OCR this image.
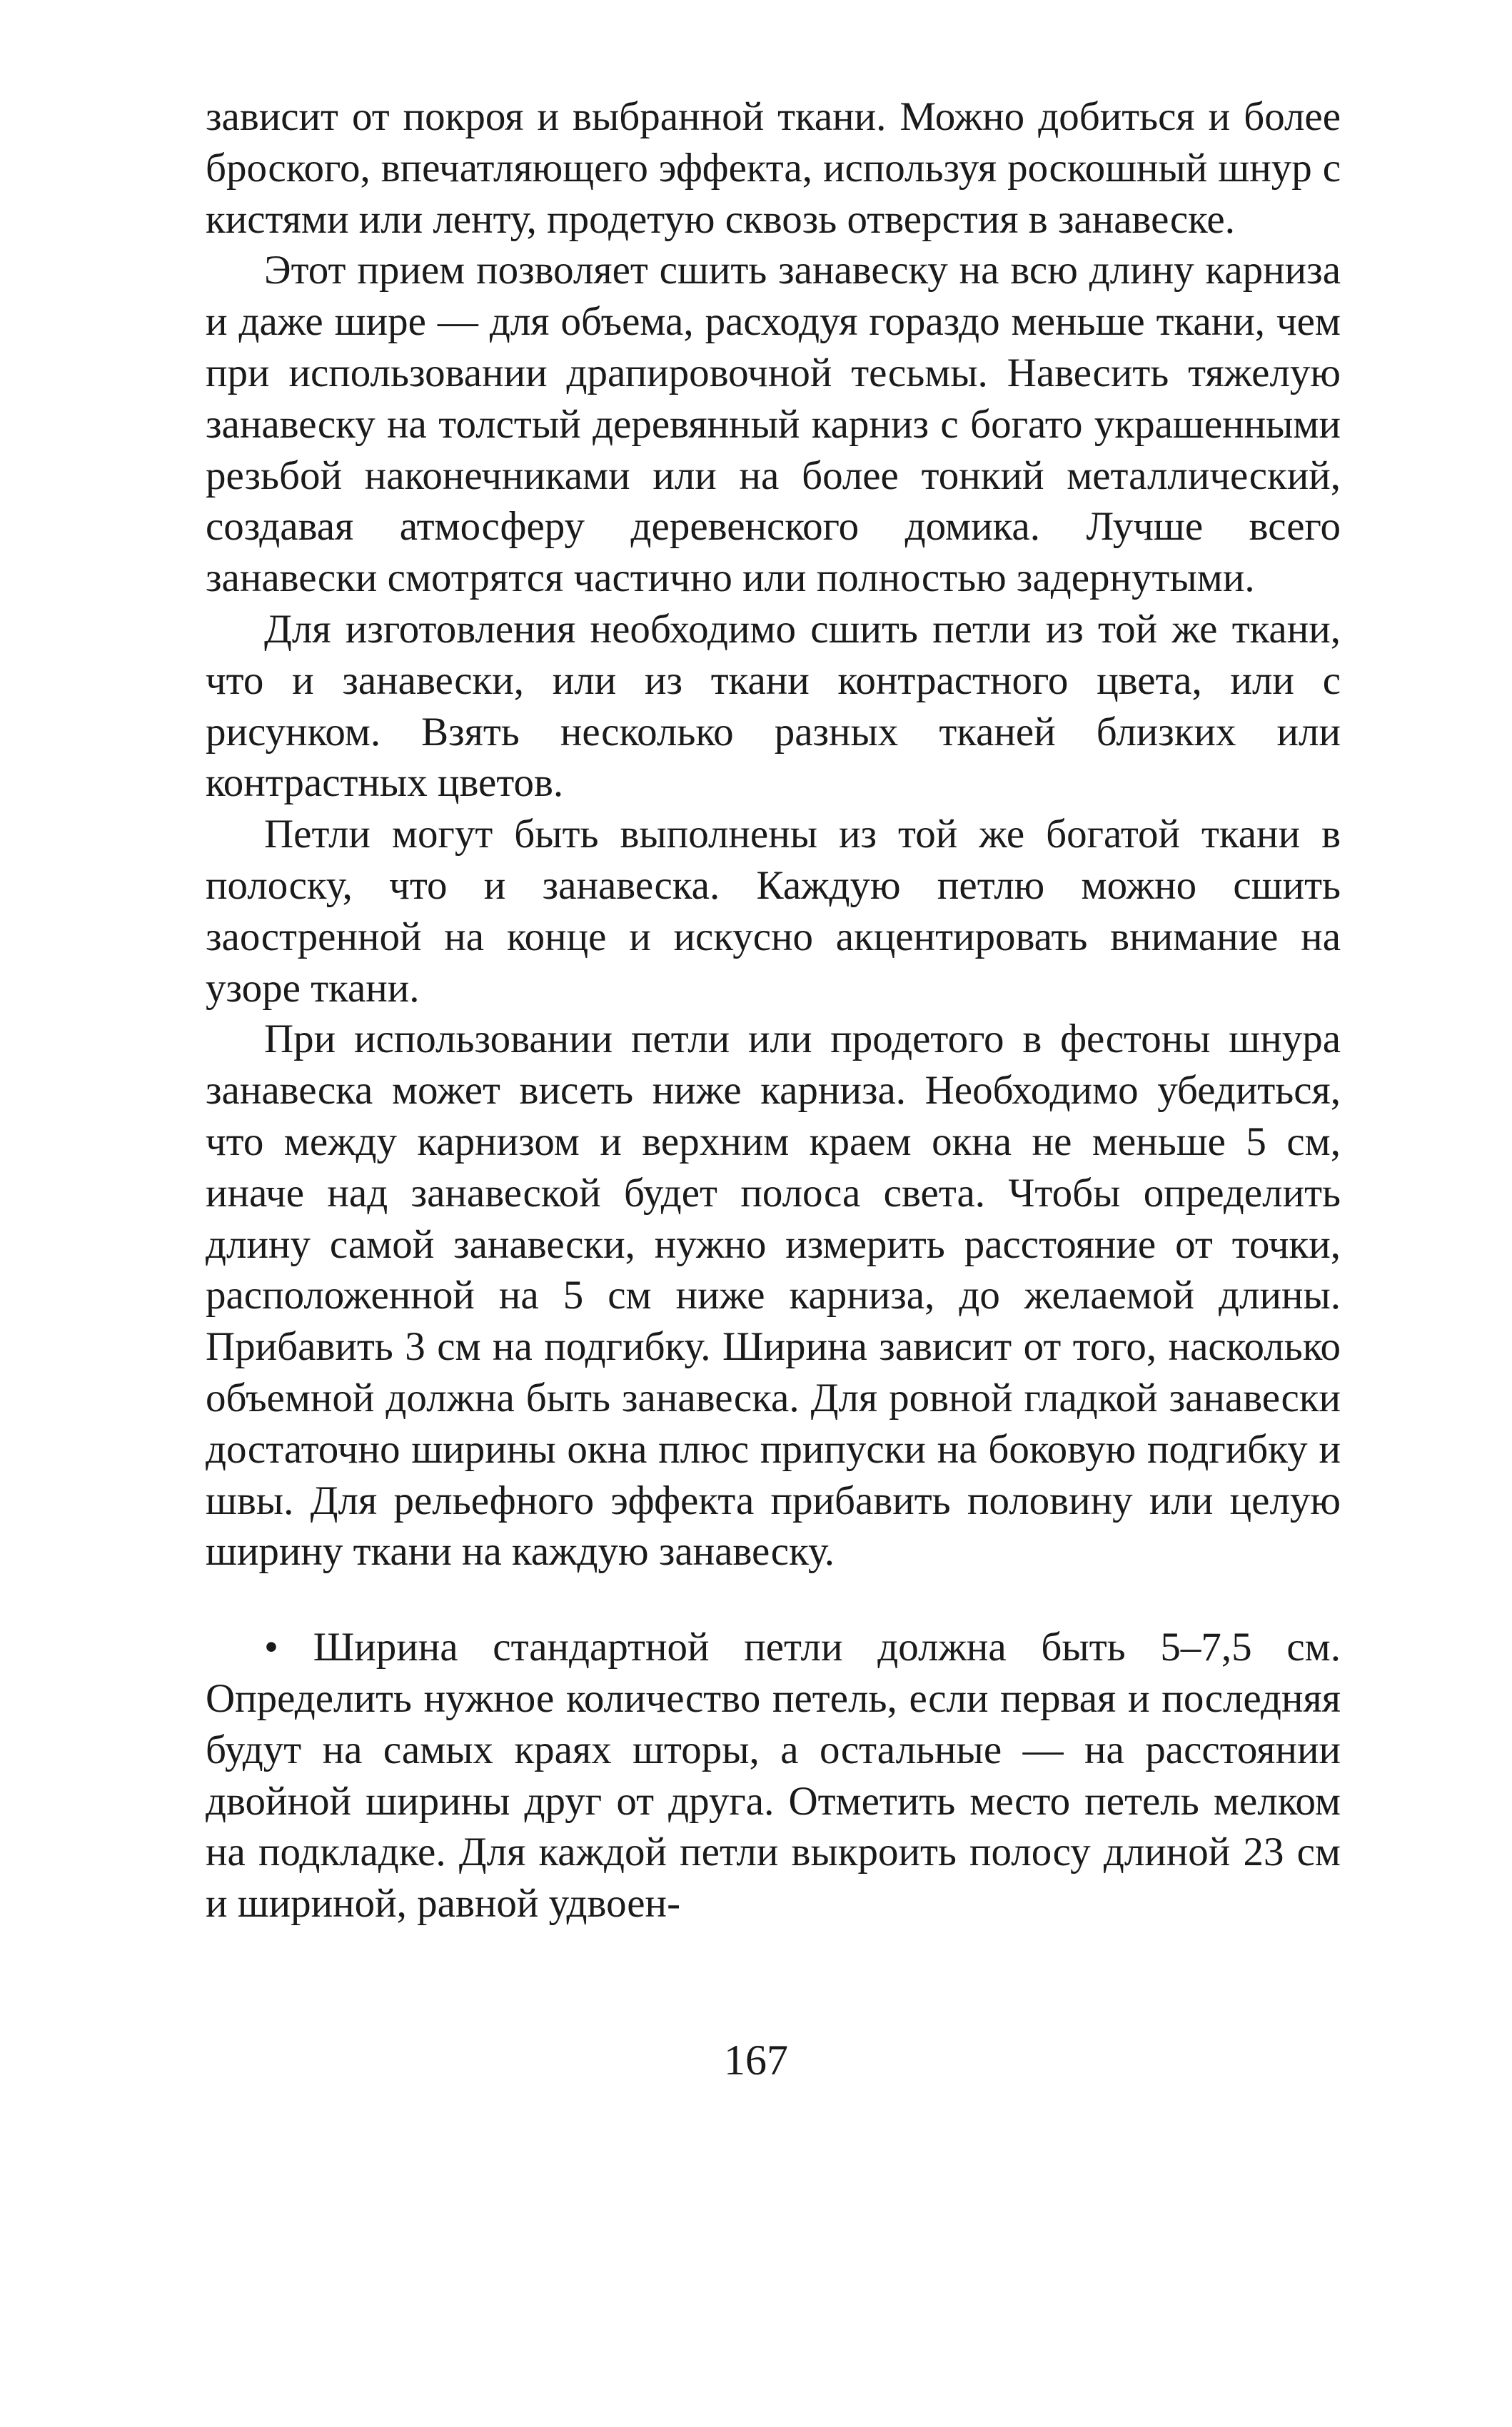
зависит от покроя и выбранной ткани. Можно добиться и более броского, впечатляющего эффекта, используя роскошный шнур с кистями или ленту, продетую сквозь отверстия в занавеске.

Этот прием позволяет сшить занавеску на всю длину карниза и даже шире — для объема, расходуя гораздо меньше ткани, чем при использовании драпировочной тесьмы. Навесить тяжелую занавеску на толстый деревянный карниз с богато украшенными резьбой наконечниками или на более тонкий металлический, создавая атмосферу деревенского домика. Лучше всего занавески смотрятся частично или полностью задернутыми.

Для изготовления необходимо сшить петли из той же ткани, что и занавески, или из ткани контрастного цвета, или с рисунком. Взять несколько разных тканей близких или контрастных цветов.

Петли могут быть выполнены из той же богатой ткани в полоску, что и занавеска. Каждую петлю можно сшить заостренной на конце и искусно акцентировать внимание на узоре ткани.

При использовании петли или продетого в фестоны шнура занавеска может висеть ниже карниза. Необходимо убедиться, что между карнизом и верхним краем окна не меньше 5 см, иначе над занавеской будет полоса света. Чтобы определить длину самой занавески, нужно измерить расстояние от точки, расположенной на 5 см ниже карниза, до желаемой длины. Прибавить 3 см на подгибку. Ширина зависит от того, насколько объемной должна быть занавеска. Для ровной гладкой занавески достаточно ширины окна плюс припуски на боковую подгибку и швы. Для рельефного эффекта прибавить половину или целую ширину ткани на каждую занавеску.

• Ширина стандартной петли должна быть 5–7,5 см. Определить нужное количество петель, если первая и последняя будут на самых краях шторы, а остальные — на расстоянии двойной ширины друг от друга. Отметить место петель мелком на подкладке. Для каждой петли выкроить полосу длиной 23 см и шириной, равной удвоен-

167
